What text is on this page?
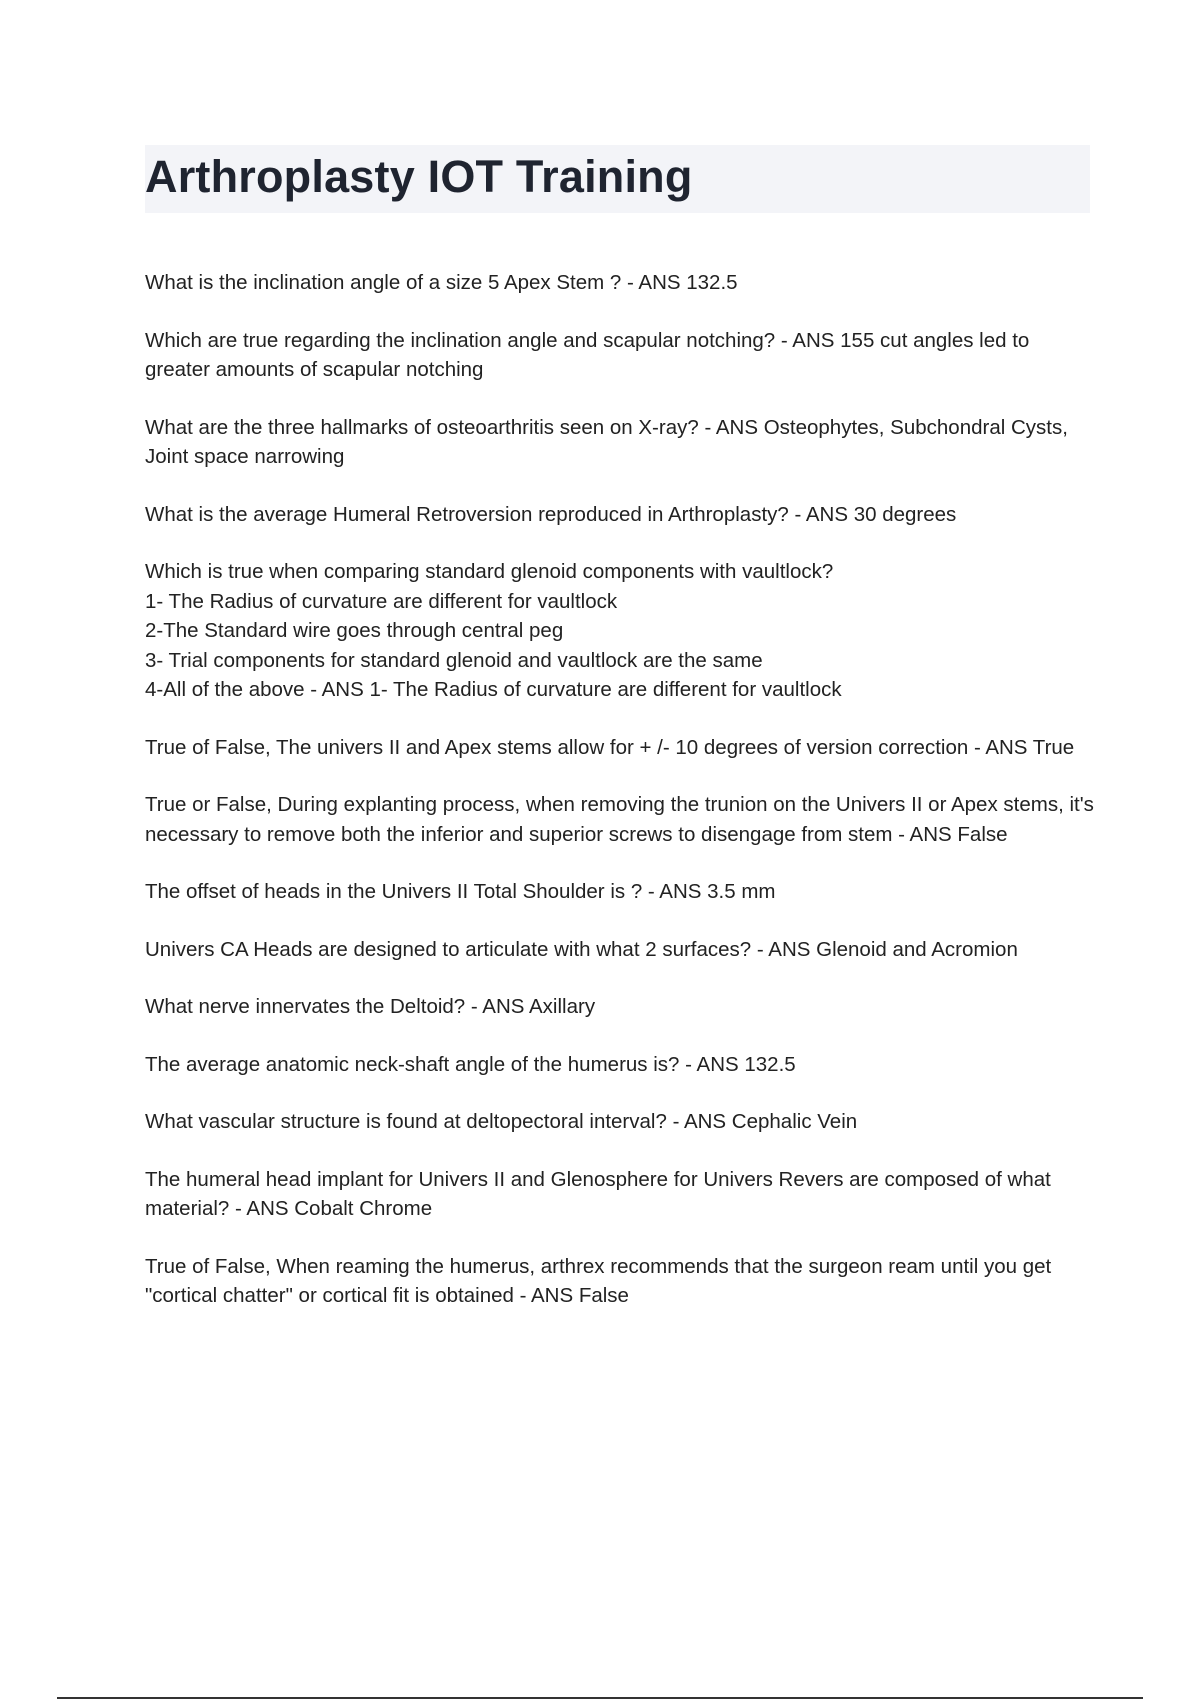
Arthroplasty IOT Training
What is the inclination angle of a size 5 Apex Stem ? - ANS 132.5
Which are true regarding the inclination angle and scapular notching? - ANS 155 cut angles led to greater amounts of scapular notching
What are the three hallmarks of osteoarthritis seen on X-ray? - ANS Osteophytes, Subchondral Cysts, Joint space narrowing
What is the average Humeral Retroversion reproduced in Arthroplasty? - ANS 30 degrees
Which is true when comparing standard glenoid components with vaultlock?
1- The Radius of curvature are different for vaultlock
2-The Standard wire goes through central peg
3- Trial components for standard glenoid and vaultlock are the same
4-All of the above - ANS 1- The Radius of curvature are different for vaultlock
True of False, The univers II and Apex stems allow for + /- 10 degrees of version correction - ANS True
True or False, During explanting process, when removing the trunion on the Univers II or Apex stems, it's necessary to remove both the inferior and superior screws to disengage from stem - ANS False
The offset of heads in the Univers II Total Shoulder is ? - ANS 3.5 mm
Univers CA Heads are designed to articulate with what 2 surfaces? - ANS Glenoid and Acromion
What nerve innervates the Deltoid? - ANS Axillary
The average anatomic neck-shaft angle of the humerus is? - ANS 132.5
What vascular structure is found at deltopectoral interval? - ANS Cephalic Vein
The humeral head implant for Univers II and Glenosphere for Univers Revers are composed of what material? - ANS Cobalt Chrome
True of False, When reaming the humerus, arthrex recommends that the surgeon ream until you get "cortical chatter" or cortical fit is obtained - ANS False
